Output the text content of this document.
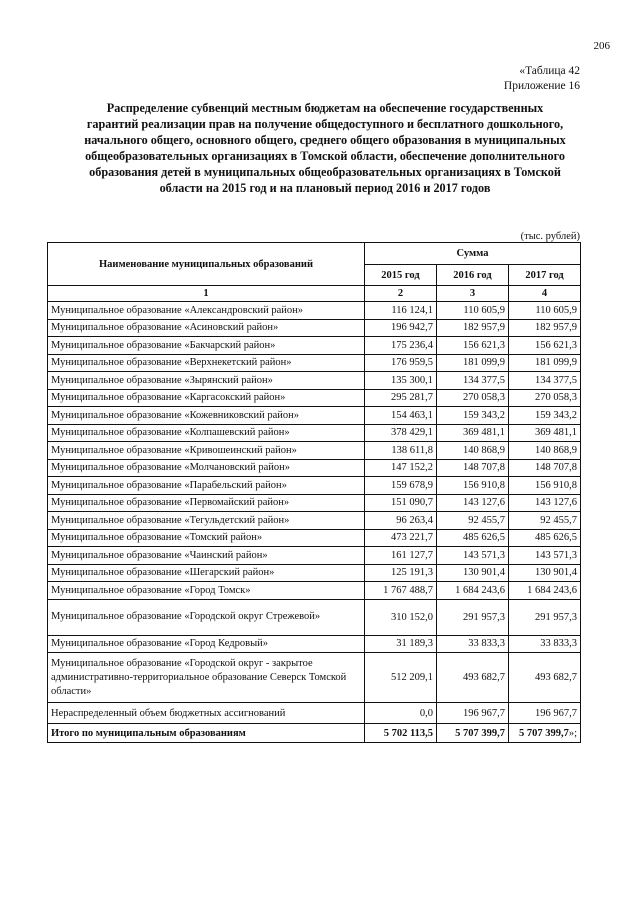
206
«Таблица 42
Приложение 16
Распределение субвенций местным бюджетам на обеспечение государственных гарантий реализации прав на получение общедоступного и бесплатного дошкольного, начального общего, основного общего, среднего общего образования в муниципальных общеобразовательных организациях в Томской области, обеспечение дополнительного образования детей в муниципальных общеобразовательных организациях в Томской области на 2015 год и на плановый период 2016 и 2017 годов
(тыс. рублей)
Наименование муниципальных образований	Сумма		
	2015 год	2016 год	2017 год
1	2	3	4
Муниципальное образование «Александровский район»	116 124,1	110 605,9	110 605,9
Муниципальное образование «Асиновский район»	196 942,7	182 957,9	182 957,9
Муниципальное образование «Бакчарский район»	175 236,4	156 621,3	156 621,3
Муниципальное образование «Верхнекетский район»	176 959,5	181 099,9	181 099,9
Муниципальное образование «Зырянский район»	135 300,1	134 377,5	134 377,5
Муниципальное образование «Каргасокский район»	295 281,7	270 058,3	270 058,3
Муниципальное образование «Кожевниковский район»	154 463,1	159 343,2	159 343,2
Муниципальное образование «Колпашевский район»	378 429,1	369 481,1	369 481,1
Муниципальное образование «Кривошеинский район»	138 611,8	140 868,9	140 868,9
Муниципальное образование «Молчановский район»	147 152,2	148 707,8	148 707,8
Муниципальное образование «Парабельский район»	159 678,9	156 910,8	156 910,8
Муниципальное образование «Первомайский район»	151 090,7	143 127,6	143 127,6
Муниципальное образование «Тегульдетский район»	96 263,4	92 455,7	92 455,7
Муниципальное образование «Томский район»	473 221,7	485 626,5	485 626,5
Муниципальное образование «Чаинский район»	161 127,7	143 571,3	143 571,3
Муниципальное образование «Шегарский район»	125 191,3	130 901,4	130 901,4
Муниципальное образование «Город Томск»	1 767 488,7	1 684 243,6	1 684 243,6
Муниципальное образование «Городской округ Стрежевой»	310 152,0	291 957,3	291 957,3
Муниципальное образование «Город Кедровый»	31 189,3	33 833,3	33 833,3
Муниципальное образование «Городской округ - закрытое административно-территориальное образование Северск Томской области»	512 209,1	493 682,7	493 682,7
Нераспределенный объем бюджетных ассигнований	0,0	196 967,7	196 967,7
Итого по муниципальным образованиям	5 702 113,5	5 707 399,7	5 707 399,7»;
